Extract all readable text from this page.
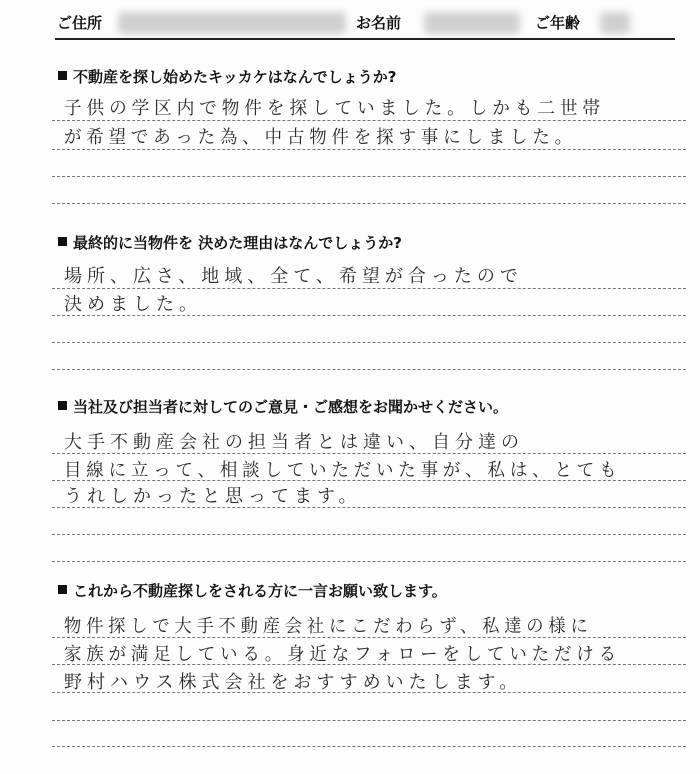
ご住所	お名前	ご年齢
不動産を探し始めたキッカケはなんでしょうか?
子供の学区内で物件を探していました。しかも二世帯
が希望であった為、中古物件を探す事にしました。
最終的に当物件を 決めた理由はなんでしょうか?
場所、広さ、地域、全て、希望が合ったので
決めました。
当社及び担当者に対してのご意見・ご感想をお聞かせください。
大手不動産会社の担当者とは違い、自分達の
目線に立って、相談していただいた事が、私は、とても
うれしかったと思ってます。
これから不動産探しをされる方に一言お願い致します。
物件探しで大手不動産会社にこだわらず、私達の様に
家族が満足している。身近なフォローをしていただける
野村ハウス株式会社をおすすめいたします。
